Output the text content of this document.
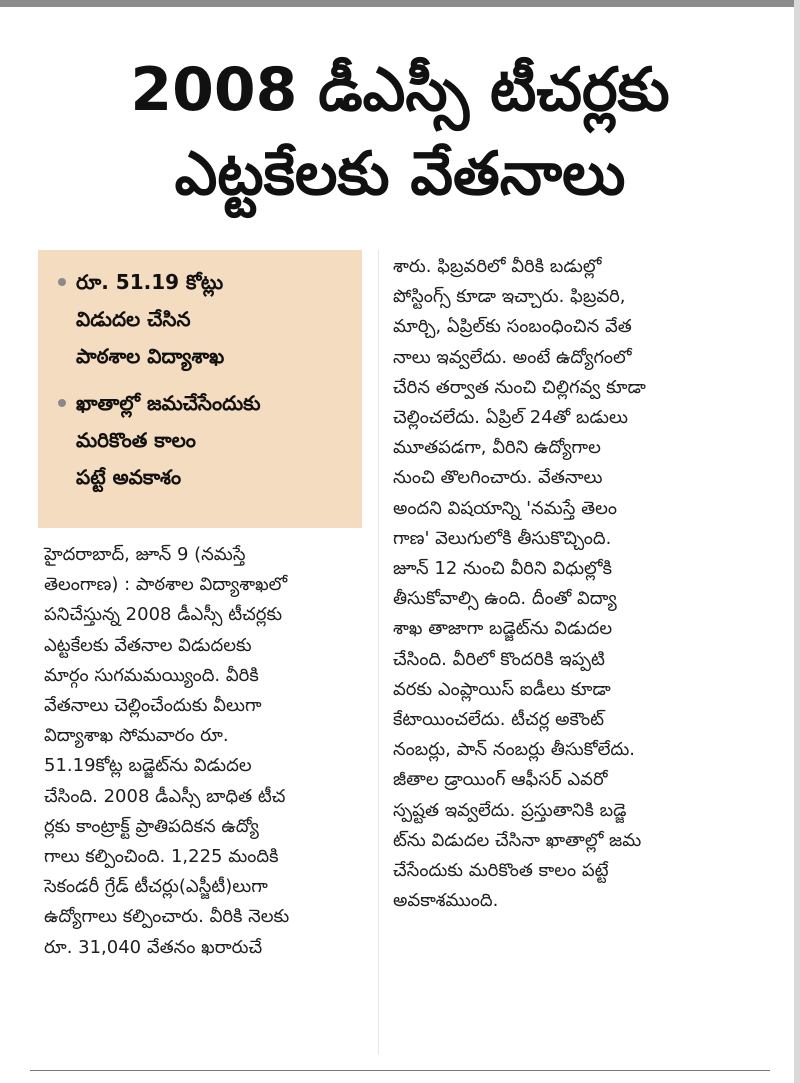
2008 డీఎస్సీ టీచర్లకు
ఎట్టకేలకు వేతనాలు
రూ. 51.19 కోట్లు
విడుదల చేసిన
పాఠశాల విద్యాశాఖ
ఖాతాల్లో జమచేసేందుకు
మరికొంత కాలం
పట్టే అవకాశం
హైదరాబాద్, జూన్ 9 (నమస్తే
తెలంగాణ) : పాఠశాల విద్యాశాఖలో
పనిచేస్తున్న 2008 డీఎస్సీ టీచర్లకు
ఎట్టకేలకు వేతనాల విడుదలకు
మార్గం సుగమమయ్యింది. వీరికి
వేతనాలు చెల్లించేందుకు వీలుగా
విద్యాశాఖ సోమవారం రూ.
51.19కోట్ల బడ్జెట్‌ను విడుదల
చేసింది. 2008 డీఎస్సీ బాధిత టీచ
ర్లకు కాంట్రాక్ట్ ప్రాతిపదికన ఉద్యో
గాలు కల్పించింది. 1,225 మందికి
సెకండరీ గ్రేడ్ టీచర్లు(ఎస్జీటీ)లుగా
ఉద్యోగాలు కల్పించారు. వీరికి నెలకు
రూ. 31,040 వేతనం ఖరారుచే
శారు. ఫిబ్రవరిలో వీరికి బడుల్లో
పోస్టింగ్స్ కూడా ఇచ్చారు. ఫిబ్రవరి,
మార్చి, ఏప్రిల్‌కు సంబంధించిన వేత
నాలు ఇవ్వలేదు. అంటే ఉద్యోగంలో
చేరిన తర్వాత నుంచి చిల్లిగవ్వ కూడా
చెల్లించలేదు. ఏప్రిల్ 24తో బడులు
మూతపడగా, వీరిని ఉద్యోగాల
నుంచి తొలగించారు. వేతనాలు
అందని విషయాన్ని 'నమస్తే తెలం
గాణ' వెలుగులోకి తీసుకొచ్చింది.
జూన్ 12 నుంచి వీరిని విధుల్లోకి
తీసుకోవాల్సి ఉంది. దీంతో విద్యా
శాఖ తాజాగా బడ్జెట్‌ను విడుదల
చేసింది. వీరిలో కొందరికి ఇప్పటి
వరకు ఎంప్లాయిస్ ఐడీలు కూడా
కేటాయించలేదు. టీచర్ల అకౌంట్
నంబర్లు, పాన్ నంబర్లు తీసుకోలేదు.
జీతాల డ్రాయింగ్ ఆఫీసర్ ఎవరో
స్పష్టత ఇవ్వలేదు. ప్రస్తుతానికి బడ్జె
ట్‌ను విడుదల చేసినా ఖాతాల్లో జమ
చేసేందుకు మరికొంత కాలం పట్టే
అవకాశముంది.
